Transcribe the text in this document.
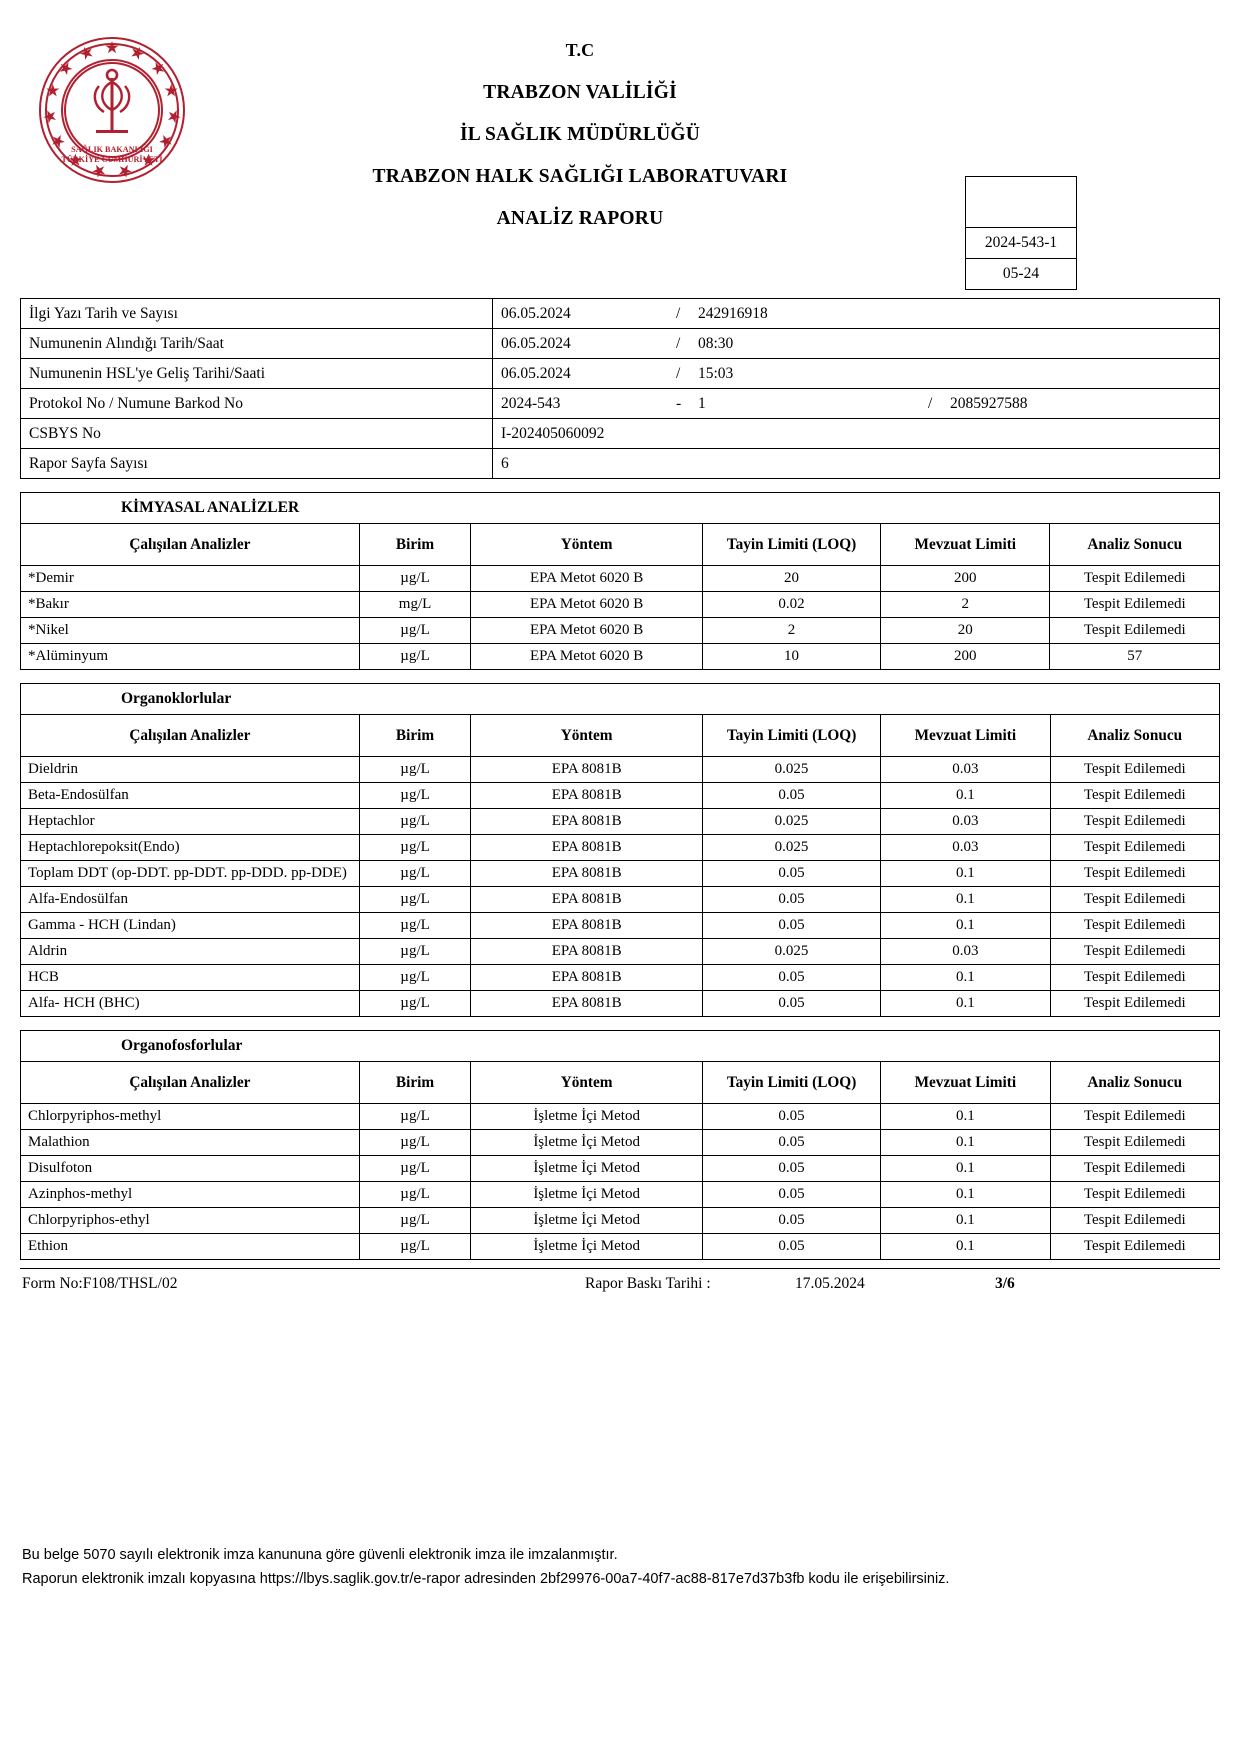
SAĞLIK BAKANLIĞI
TÜRKİYE CUMHURİYETİ
T.C
TRABZON VALİLİĞİ
İL SAĞLIK MÜDÜRLÜĞÜ
TRABZON HALK SAĞLIĞI LABORATUVARI
ANALİZ RAPORU
2024-543-1
05-24
İlgi Yazı Tarih ve Sayısı	06.05.2024 / 242916918
Numunenin Alındığı Tarih/Saat	06.05.2024 / 08:30
Numunenin HSL'ye Geliş Tarihi/Saati	06.05.2024 / 15:03
Protokol No / Numune Barkod No	2024-543 - 1 / 2085927588
CSBYS No	I-202405060092
Rapor Sayfa Sayısı	6
KİMYASAL ANALİZLER					
Çalışılan Analizler	Birim	Yöntem	Tayin Limiti (LOQ)	Mevzuat Limiti	Analiz Sonucu
*Demir	µg/L	EPA Metot 6020 B	20	200	Tespit Edilemedi
*Bakır	mg/L	EPA Metot 6020 B	0.02	2	Tespit Edilemedi
*Nikel	µg/L	EPA Metot 6020 B	2	20	Tespit Edilemedi
*Alüminyum	µg/L	EPA Metot 6020 B	10	200	57
Organoklorlular					
Çalışılan Analizler	Birim	Yöntem	Tayin Limiti (LOQ)	Mevzuat Limiti	Analiz Sonucu
Dieldrin	µg/L	EPA 8081B	0.025	0.03	Tespit Edilemedi
Beta-Endosülfan	µg/L	EPA 8081B	0.05	0.1	Tespit Edilemedi
Heptachlor	µg/L	EPA 8081B	0.025	0.03	Tespit Edilemedi
Heptachlorepoksit(Endo)	µg/L	EPA 8081B	0.025	0.03	Tespit Edilemedi
Toplam DDT (op-DDT. pp-DDT. pp-DDD. pp-DDE)	µg/L	EPA 8081B	0.05	0.1	Tespit Edilemedi
Alfa-Endosülfan	µg/L	EPA 8081B	0.05	0.1	Tespit Edilemedi
Gamma - HCH (Lindan)	µg/L	EPA 8081B	0.05	0.1	Tespit Edilemedi
Aldrin	µg/L	EPA 8081B	0.025	0.03	Tespit Edilemedi
HCB	µg/L	EPA 8081B	0.05	0.1	Tespit Edilemedi
Alfa- HCH (BHC)	µg/L	EPA 8081B	0.05	0.1	Tespit Edilemedi
Organofosforlular					
Çalışılan Analizler	Birim	Yöntem	Tayin Limiti (LOQ)	Mevzuat Limiti	Analiz Sonucu
Chlorpyriphos-methyl	µg/L	İşletme İçi Metod	0.05	0.1	Tespit Edilemedi
Malathion	µg/L	İşletme İçi Metod	0.05	0.1	Tespit Edilemedi
Disulfoton	µg/L	İşletme İçi Metod	0.05	0.1	Tespit Edilemedi
Azinphos-methyl	µg/L	İşletme İçi Metod	0.05	0.1	Tespit Edilemedi
Chlorpyriphos-ethyl	µg/L	İşletme İçi Metod	0.05	0.1	Tespit Edilemedi
Ethion	µg/L	İşletme İçi Metod	0.05	0.1	Tespit Edilemedi
Form No:F108/THSL/02	Rapor Baskı Tarihi :	17.05.2024	3/6
Bu belge 5070 sayılı elektronik imza kanununa göre güvenli elektronik imza ile imzalanmıştır.
Raporun elektronik imzalı kopyasına https://lbys.saglik.gov.tr/e-rapor adresinden 2bf29976-00a7-40f7-ac88-817e7d37b3fb kodu ile erişebilirsiniz.
